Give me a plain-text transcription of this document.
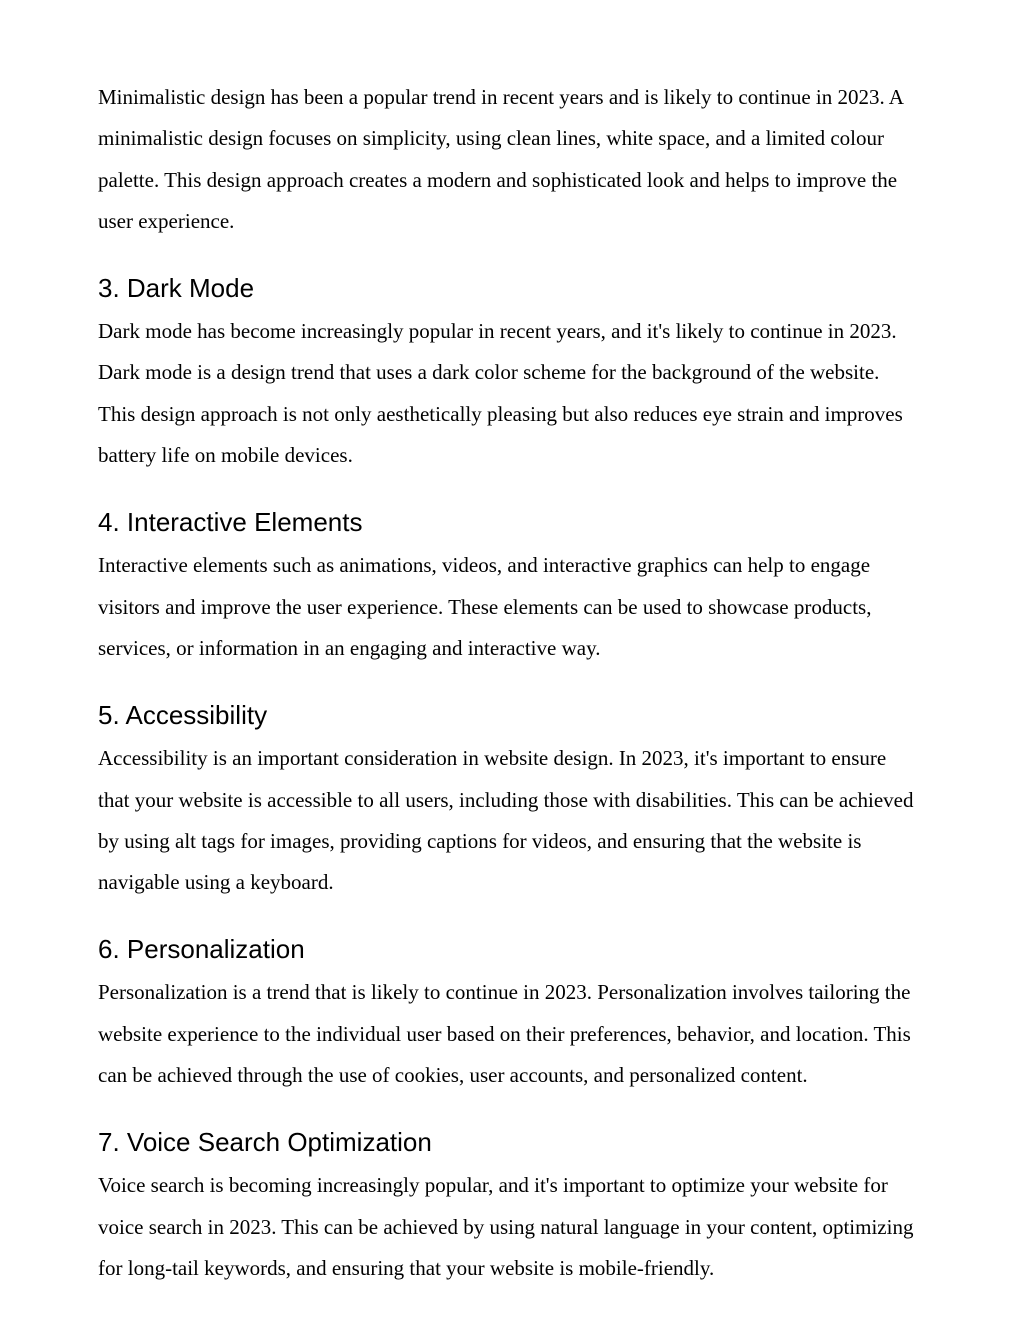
Minimalistic design has been a popular trend in recent years and is likely to continue in 2023. A
minimalistic design focuses on simplicity, using clean lines, white space, and a limited colour
palette. This design approach creates a modern and sophisticated look and helps to improve the
user experience.

3. Dark Mode

Dark mode has become increasingly popular in recent years, and it's likely to continue in 2023.
Dark mode is a design trend that uses a dark color scheme for the background of the website.
This design approach is not only aesthetically pleasing but also reduces eye strain and improves
battery life on mobile devices.

4. Interactive Elements

Interactive elements such as animations, videos, and interactive graphics can help to engage
visitors and improve the user experience. These elements can be used to showcase products,
services, or information in an engaging and interactive way.

5. Accessibility

Accessibility is an important consideration in website design. In 2023, it's important to ensure
that your website is accessible to all users, including those with disabilities. This can be achieved
by using alt tags for images, providing captions for videos, and ensuring that the website is
navigable using a keyboard.

6. Personalization

Personalization is a trend that is likely to continue in 2023. Personalization involves tailoring the
website experience to the individual user based on their preferences, behavior, and location. This
can be achieved through the use of cookies, user accounts, and personalized content.

7. Voice Search Optimization

Voice search is becoming increasingly popular, and it's important to optimize your website for
voice search in 2023. This can be achieved by using natural language in your content, optimizing
for long-tail keywords, and ensuring that your website is mobile-friendly.
